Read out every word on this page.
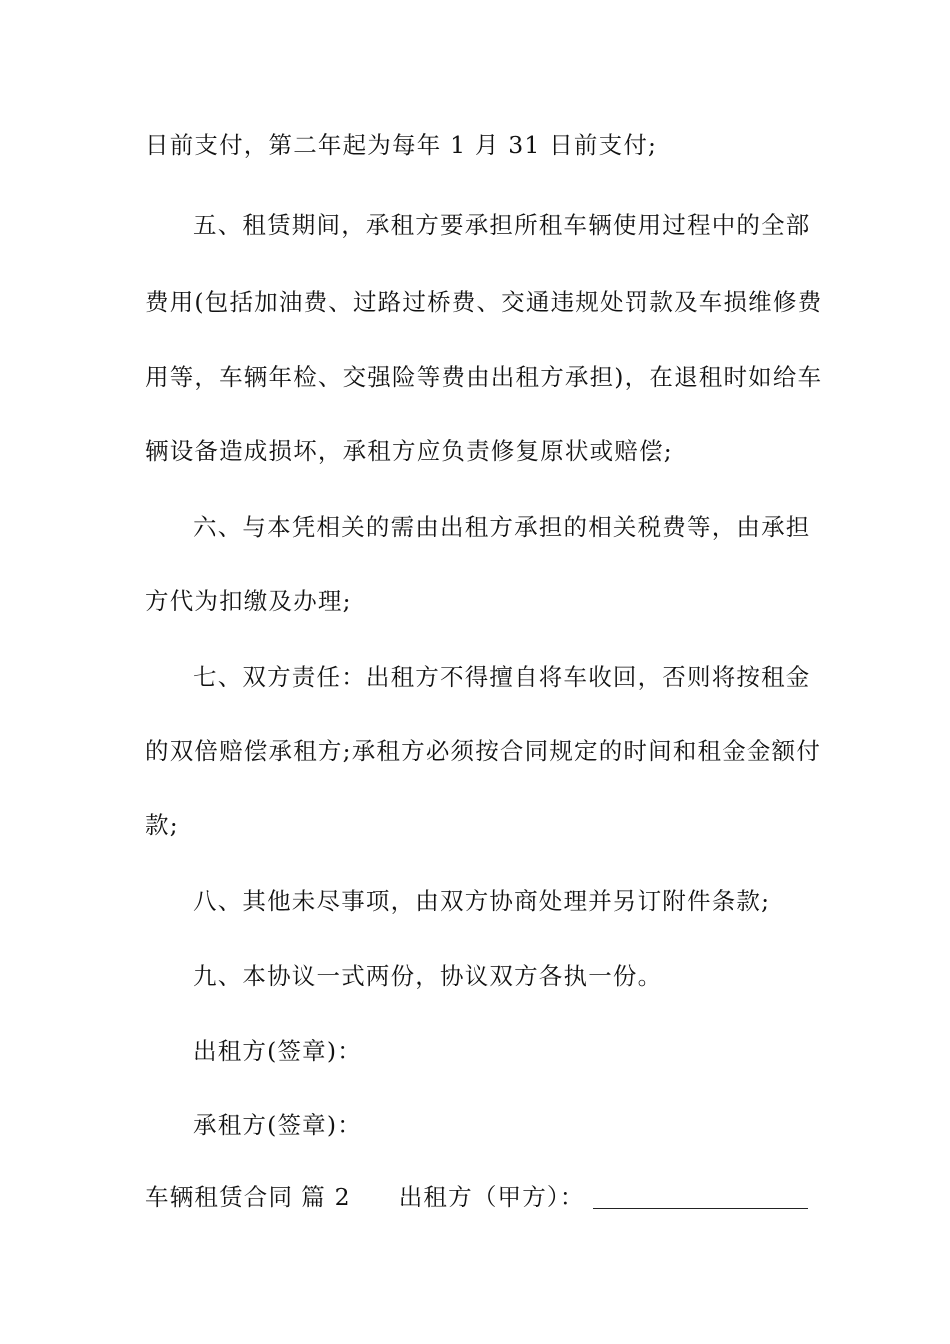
日前支付，第二年起为每年 1 月 31 日前支付;
五、租赁期间，承租方要承担所租车辆使用过程中的全部
费用(包括加油费、过路过桥费、交通违规处罚款及车损维修费
用等，车辆年检、交强险等费由出租方承担)，在退租时如给车
辆设备造成损坏，承租方应负责修复原状或赔偿;
六、与本凭相关的需由出租方承担的相关税费等，由承担
方代为扣缴及办理;
七、双方责任：出租方不得擅自将车收回，否则将按租金
的双倍赔偿承租方;承租方必须按合同规定的时间和租金金额付
款;
八、其他未尽事项，由双方协商处理并另订附件条款;
九、本协议一式两份，协议双方各执一份。
出租方(签章)：
承租方(签章)：
车辆租赁合同 篇 2 出租方（甲方）：
